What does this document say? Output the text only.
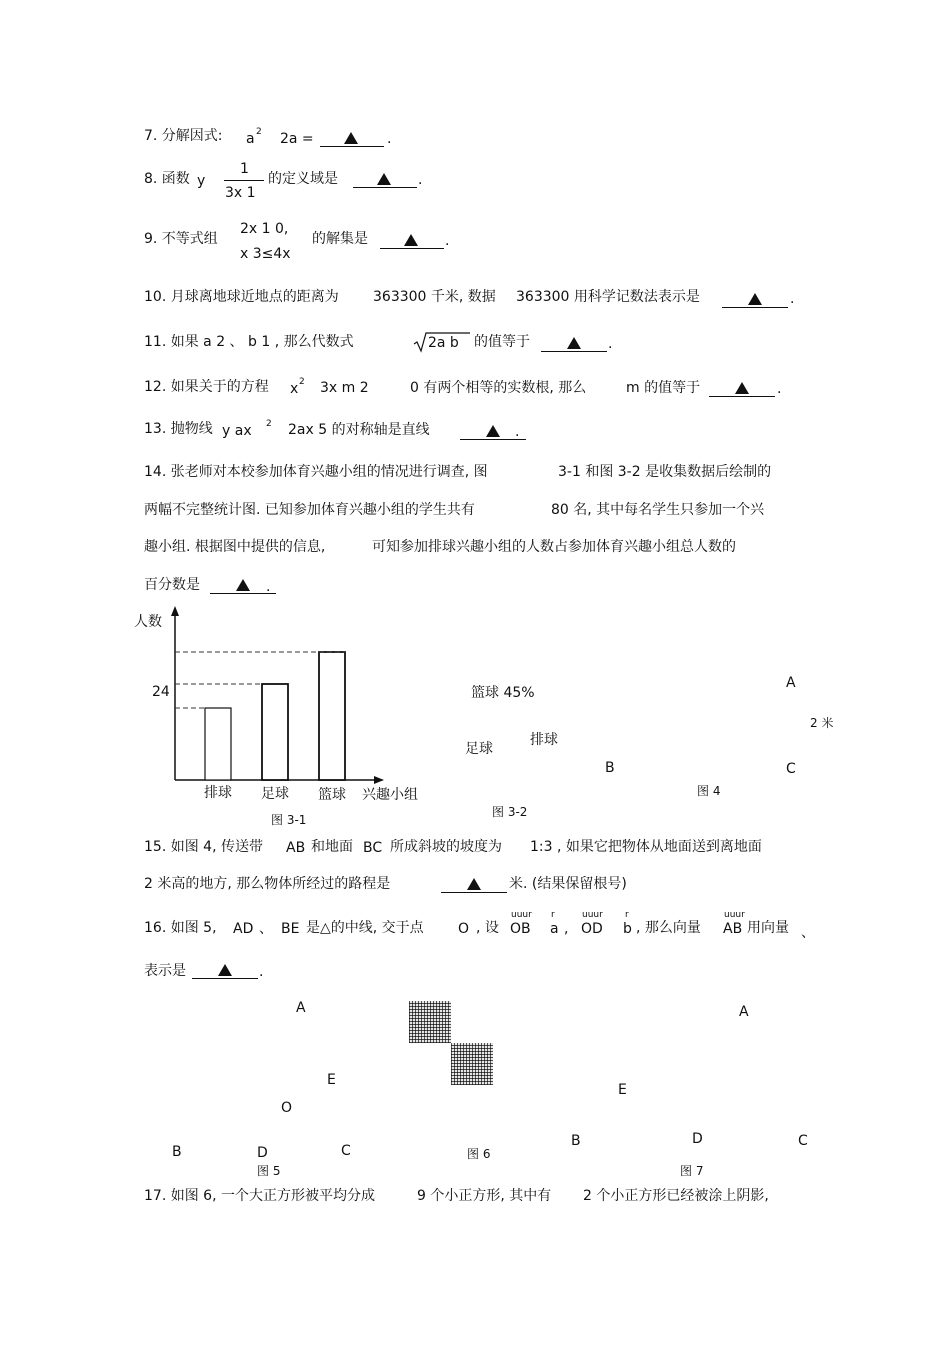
7. 分解因式: a 2 2a =	.
8. 函数 y
1
3x 1
的定义域是	.
9. 不等式组
2x 1 0,
x 3≤4x
的解集是	.
10. 月球离地球近地点的距离为 363300 千米, 数据 363300 用科学记数法表示是	.
11. 如果 a 2 、 b 1 , 那么代数式	2a b 的值等于	.
12. 如果关于的方程 x 2 3x m 2	0 有两个相等的实数根, 那么	m 的值等于	.
13. 抛物线 y ax 2 2ax 5 的对称轴是直线	.
14. 张老师对本校参加体育兴趣小组的情况进行调查, 图	3-1 和图 3-2 是收集数据后绘制的
两幅不完整统计图. 已知参加体育兴趣小组的学生共有	80 名, 其中每名学生只参加一个兴
趣小组. 根据图中提供的信息,	可知参加排球兴趣小组的人数占参加体育兴趣小组总人数的
百分数是	.
人数
兴趣小组
24
排球 足球 篮球
图 3-1
篮球 45%
足球
排球
图 3-2
A
2 米
B	C
图 4
15. 如图 4, 传送带 AB 和地面 BC 所成斜坡的坡度为 1:3 , 如果它把物体从地面送到离地面
2 米高的地方, 那么物体所经过的路程是	米. (结果保留根号)
16. 如图 5, AD 、 BE 是△的中线, 交于点 O , 设
uuur
OB
r
a ,
uuur
OD
r
b , 那么向量
uuur
AB 用向量 、
表示是	.
A
E
O
B	D	C
图 5
图 6
A
E
B	D	C
图 7
17. 如图 6, 一个大正方形被平均分成	9 个小正方形, 其中有 2 个小正方形已经被涂上阴影,
